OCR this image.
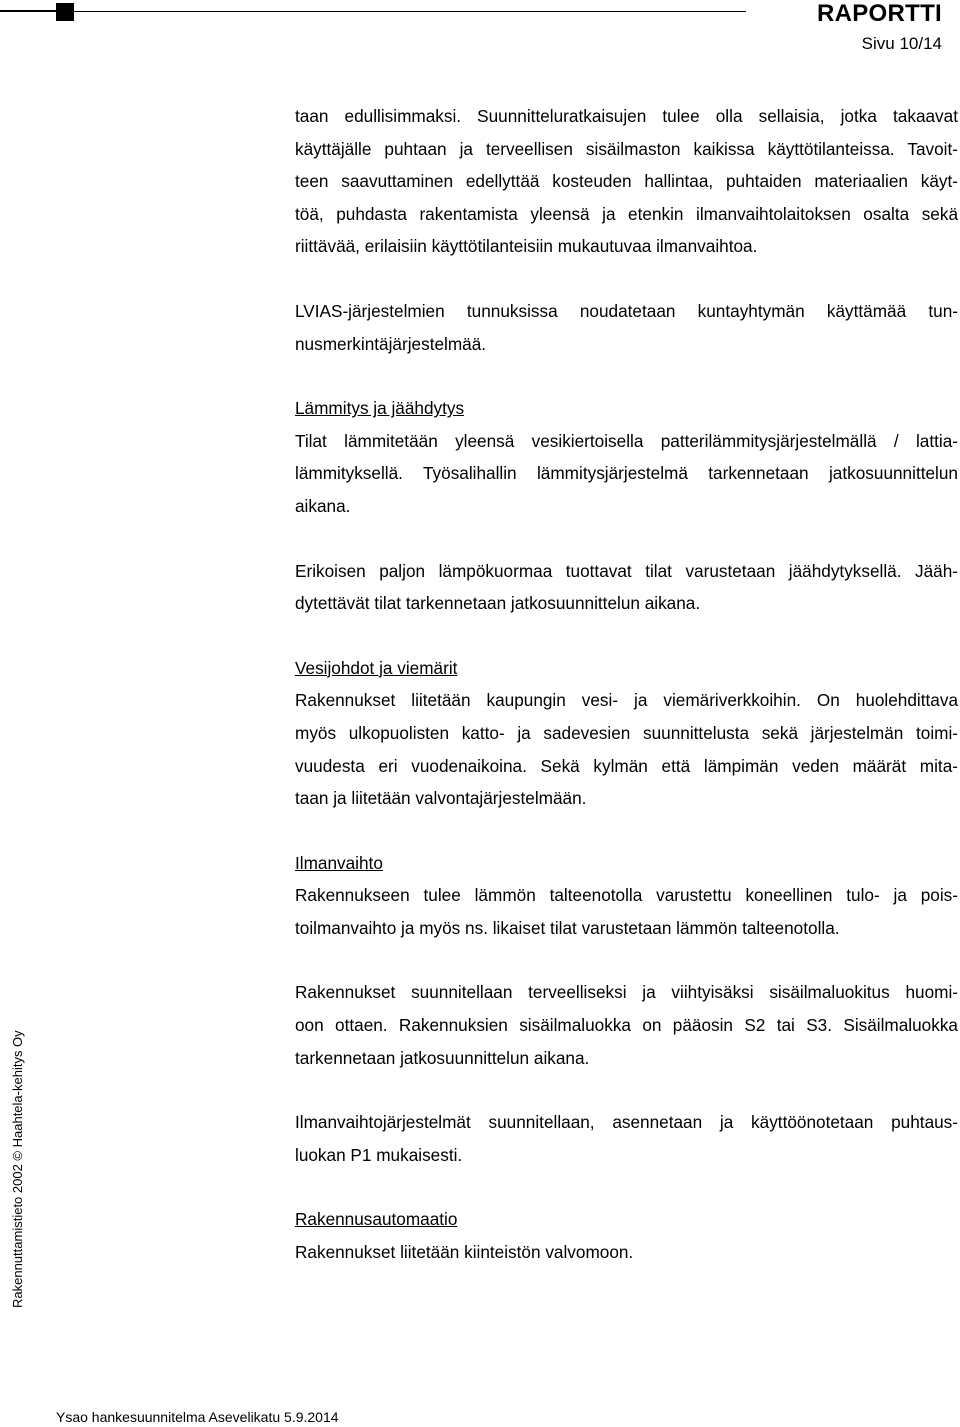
RAPORTTI
Sivu 10/14
taan edullisimmaksi. Suunnitteluratkaisujen tulee olla sellaisia, jotka takaavat
käyttäjälle puhtaan ja terveellisen sisäilmaston kaikissa käyttötilanteissa. Tavoit-
teen saavuttaminen edellyttää kosteuden hallintaa, puhtaiden materiaalien käyt-
töä, puhdasta rakentamista yleensä ja etenkin ilmanvaihtolaitoksen osalta sekä
riittävää, erilaisiin käyttötilanteisiin mukautuvaa ilmanvaihtoa.
LVIAS-järjestelmien tunnuksissa noudatetaan kuntayhtymän käyttämää tun-
nusmerkintäjärjestelmää.
Lämmitys ja jäähdytys
Tilat lämmitetään yleensä vesikiertoisella patterilämmitysjärjestelmällä / lattia-
lämmityksellä. Työsalihallin lämmitysjärjestelmä tarkennetaan jatkosuunnittelun
aikana.
Erikoisen paljon lämpökuormaa tuottavat tilat varustetaan jäähdytyksellä. Jääh-
dytettävät tilat tarkennetaan jatkosuunnittelun aikana.
Vesijohdot ja viemärit
Rakennukset liitetään kaupungin vesi- ja viemäriverkkoihin. On huolehdittava
myös ulkopuolisten katto- ja sadevesien suunnittelusta sekä järjestelmän toimi-
vuudesta eri vuodenaikoina. Sekä kylmän että lämpimän veden määrät mita-
taan ja liitetään valvontajärjestelmään.
Ilmanvaihto
Rakennukseen tulee lämmön talteenotolla varustettu koneellinen tulo- ja pois-
toilmanvaihto ja myös ns. likaiset tilat varustetaan lämmön talteenotolla.
Rakennukset suunnitellaan terveelliseksi ja viihtyisäksi sisäilmaluokitus huomi-
oon ottaen. Rakennuksien sisäilmaluokka on pääosin S2 tai S3. Sisäilmaluokka
tarkennetaan jatkosuunnittelun aikana.
Ilmanvaihtojärjestelmät suunnitellaan, asennetaan ja käyttöönotetaan puhtaus-
luokan P1 mukaisesti.
Rakennusautomaatio
Rakennukset liitetään kiinteistön valvomoon.
Rakennuttamistieto 2002 © Haahtela-kehitys Oy
Ysao hankesuunnitelma Asevelikatu 5.9.2014
